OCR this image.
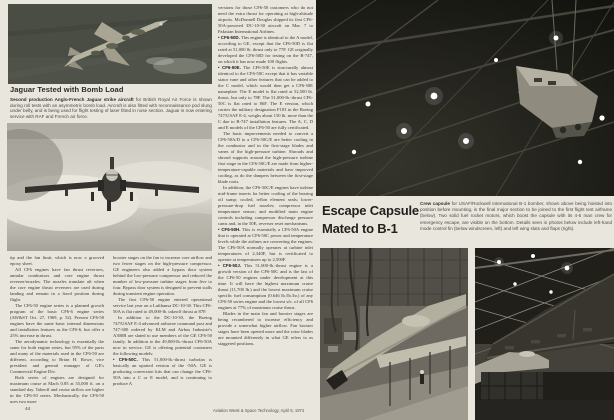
Jaguar Tested with Bomb Load

Second production Anglo-French Jaguar strike aircraft for British Royal Air Force is shown during roll tests with an asymmetric bomb load. Aircraft is also fitted with reconnaissance pod slung under belly, and is being used for flight testing of laser fitted in nose section. Jaguar is now entering service with RAF and French air force.

tip and the fan limit, which is now a grooved epoxy sheet.

All CF6 engines have fan thrust reversers, annular combustors and core engine thrust reverser/nozzles. The nozzles translate aft when the core engine thrust reversers are used during landing and remain in a fixed position during flight.

The CF6-50 engine series is a planned growth program of the basic CF6-6 engine series (AW&ST Oct. 27, 1969, p. 52). Present CF6-50 engines have the same basic internal dimensions and installation features as the CF6-6, but offer a 25% increase in thrust.

The aerodynamic technology is essentially the same for both engine series, but 95% of the parts and many of the materials used in the CF6-50 are different, according to Brian H. Rowe, vice president and general manager of GE's Commercial Engine Div.

Both series of engines are designed for maximum cruise at Mach 0.85 at 35,000 ft. on a standard day. Takeoff and cruise airflow are higher in the CF6-50 series. Mechanically, the CF6-50 uses two more

booster stages on the fan to increase core airflow and two fewer stages on the high-pressure compressor. GE engineers also added a bypass door system behind the low-pressure compressor and reduced the number of low-pressure turbine stages from five to four. Bypass door system is designed to prevent stalls during transient engine operation.

The first CF6-50 engine entered operational service last year on a Lufthansa DC-10-30. This CF6-50A is flat rated to 49,000-lb. takeoff thrust at 87F.

In addition to the DC-10-30, the Boeing 747/USAF E-4 advanced airborne command post and 747-300 ordered by KLM and Airbus Industrie's A300B are slated to use members of the GE CF6-50 family. In addition to the 49,000-lb.-thrust CF6-50A now in service, GE is offering potential customers the following models:

• CF6-50C. This 51,000-lb.-thrust turbofan is basically an uprated version of the -50A. GE is producing conversion kits that can change the CF6-50A into a C or E model, and is continuing to produce A

versions for those CF6-50 customers who do not need the extra thrust for operating at high-altitude airports. McDonnell Douglas shipped its first CF6-50A-powered DC-10-30 aircraft on Mar. 7 to Pakistan International Airlines.

• CF6-50D. This engine is identical to the A model, according to GE, except that the CF6-50D is flat rated at 51,000 lb. thrust only to 77F. GE originally developed the CF6-50D for testing on the B-747, on which it has now made 100 flights.

• CF6-50E. The CF6-50E is structurally almost identical to the CF6-50C except that it has variable stator vane and other features that can be added to the C model, which would then get a CF6-50E nameplate. The E model is flat rated at 52,500 lb. thrust, but only to 78F. The 51,000-lb.-thrust CF6-50C is flat rated to 86F. The E version, which carries the military designation F103 in the Boeing 747/USAF E-4, weighs about 150 lb. more than the C due to B-747 installation features. The A, C, D and E models of the CF6-50 are fully certificated.

The basic improvements needed to convert a CF6-50A/D to a CF6-50C/E are better cooling in the combustor and in the first-stage blades and vanes of the high-pressure turbine. Shrouds and shroud supports around the high-pressure turbine first stage in the CF6-50C/E are made from higher-temperature-capable materials and have improved cooling, as do the dampers between the first-stage blade roots.

In addition, the CF6-50C/E engines have turbine mid-frame inserts for better cooling of the bearing oil sump; cooled, teflon element seals; lower-pressure-drop fuel nozzles; compressor inlet temperature sensor; and modified main engine controls including compressor discharge pressure cams and, in the 50E, reverser reset mechanisms.

• CF6-50H. This is essentially a CF6-50A engine that is operated at CF6-50C power and temperature levels while the airlines are converting the engines. The CF6-50A normally operates at turbine inlet temperatures of 2,340F, but is certificated to operate at temperatures up to 2,500F.

• CF6-50J. This 51,000-lb.-thrust engine is a growth version of the CF6-50C and is the last of the CF6-50 engines under development at this time. It will have the highest maximum cruise thrust (11,700 lb.) and the lowest maximum cruise specific fuel consumption (0.646 lb./lb./hr.) of any CF6-50 series engine and the lowest sfc. of all CF6 engines at 77% of maximum cruise thrust.

Blades in the main fan and booster stages are being recambered to increase efficiency and provide a somewhat higher airflow. Fan booster stages have been opened more and the rotor blades are mounted differently in what GE refers to as staggered positions.

Escape Capsule
Mated to B-1

Crew capsule for USAF/Rockwell International B-1 bomber, shown above being hoisted into position before mounting, is the final major section to be joined to the first flight test airframe (below). Two solid fuel rocket motors, which boost the capsule with its 4-6 man crew for emergency escape, are visible on the bottom. Details seen in photos below include left-hand mode control fin (below windscreen, left) and left wing slats and flaps (right).

44	Aviation Week & Space Technology, April 8, 1974
